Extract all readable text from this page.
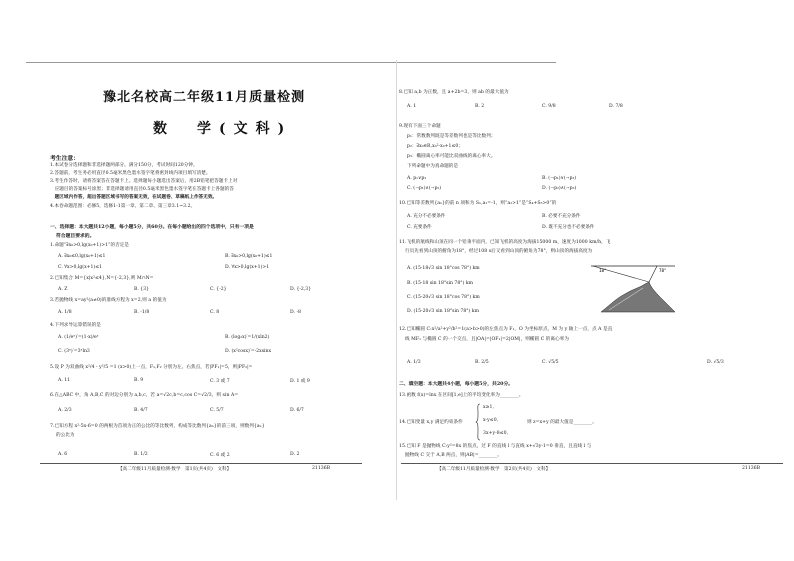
豫北名校高二年级11月质量检测
数　学(文科)
考生注意：
1.本试卷分选择题和非选择题两部分。满分150分，考试时间120分钟。
2.答题前，考生务必用直径0.5毫米黑色墨水签字笔将密封线内项目填写清楚。
3.考生作答时，请将答案答在答题卡上。选择题每小题选出答案后，用2B铅笔把答题卡上对
　应题目的答案标号涂黑；非选择题请用直径0.5毫米黑色墨水签字笔在答题卡上各题的答
　题区域内作答，超出答题区域书写的答案无效，在试题卷、草稿纸上作答无效。
4.本卷命题范围：必修5，选修1-1第一章、第二章、第三章3.1~3.2。
一、选择题：本大题共12小题，每小题5分，共60分。在每小题给出的四个选项中，只有一项是
符合题目要求的。
1.命题“∃x₀>0,lg(x₀+1)>1”的否定是
A. ∃x₀≤0,lg(x₀+1)≤1	B. ∃x₀>0,lg(x₀+1)≤1
C. ∀x>0,lg(x+1)≤1	D. ∀x>0,lg(x+1)>1
2.已知集合 M={x|x²≤4},N={-2,3},则 M∩N=
A. Z	B. {3}	C. {-2}	D. {-2,3}
3.若抛物线 x=ay²(a≠0)的准线方程为 x=2,则 a 的值为
A. 1/8	B. -1/8	C. 8	D. -8
4.下列求导运算错误的是
A. (1/eˣ)′=(1-x)/eˣ	B. (log₂x)′=1/(xln2)
C. (3ˣ)′=3ˣln3	D. (x²cosx)′=-2xsinx
5.设 P 为双曲线 x²/4 - y²/5 =1 (x>0)上一点，F₁,F₂ 分别为左、右焦点，若|PF₁|=5，则|PF₂|=
A. 11	B. 9	C. 3 或 7	D. 1 或 9
6.在△ABC 中，角 A,B,C 的对边分别为 a,b,c，若 a=√2c,b=c,cos C=√2/3，则 sin A=
A. 2/3	B. 4/7	C. 5/7	D. 6/7
7.已知方程 x²-5x-6=0 的两根为首项为正的公比的等比数列，构成等比数列{aₙ}的前三项，则数列{aₙ}
的公比为
A. 6	B. 1/2	C. 6 或 2	D. 2
【高二年级11月质量检测·数学　第1页(共4页)　文科】	21136B
8.已知 a,b 为正数，且 a+2b=3，则 ab 的最大值为
A. 1	B. 2	C. 9/8	D. 7/8
9.现有下面三个命题
p₁：常数数列既是等差数列也是等比数列；
p₂：∃x₀∈R,x₀²-x₀+1≤0；
p₃：椭圆离心率可能比双曲线的离心率大。
下列命题中为真命题的是
A. p₁∨p₂	B. (¬p₁)∨(¬p₃)
C. (¬p₁)∧(¬p₂)	D. (¬p₂)∧(¬p₃)
10.已知等差数列{aₙ}的前 n 项和为 Sₙ,a₁=-1，则“a₂>1”是“S₄+S₅>0”的
A. 充分不必要条件	B. 必要不充分条件
C. 充要条件	D. 既不充分也不必要条件
11.飞机的航线和山顶在同一个铅垂平面内，已知飞机的高度为海拔15000 m，速度为1000 km/h，飞
行员先看到山顶的俯角为18°，经过108 s后又看到山顶的俯角为78°，则山顶的海拔高度为
A. (15-18√3 sin 18°cos 78°) km
B. (15-18 sin 18°sin 78°) km
C. (15-20√3 sin 18°cos 78°) km
D. (15-20√3 sin 18°sin 78°) km
18°	78°
12.已知椭圆 C:x²/a²+y²/b²=1(a>b>0)的左焦点为 F₁，O 为坐标原点，M 为 y 轴上一点，点 A 是直
线 MF₁ 与椭圆 C 的一个交点，且|OA|=|OF₁|=2|OM|，则椭圆 C 的离心率为
A. 1/3	B. 2/5	C. √5/5	D. √5/3
二、填空题：本大题共4小题，每小题5分，共20分。
13.函数 f(x)=lnx 在区间[1,e]上的平均变化率为________。
14.已知变量 x,y 满足约束条件
x≥1,
x-y≤0,
3x+y-8≤0,
则 z=x+y 的最大值是________。
15.已知 F 是抛物线 C:y²=8x 的焦点，过 F 的直线 l 与直线 x+√3y-1=0 垂直，且直线 l 与
抛物线 C 交于 A,B 两点，则|AB|=________。
【高二年级11月质量检测·数学　第2页(共4页)　文科】	21136B
